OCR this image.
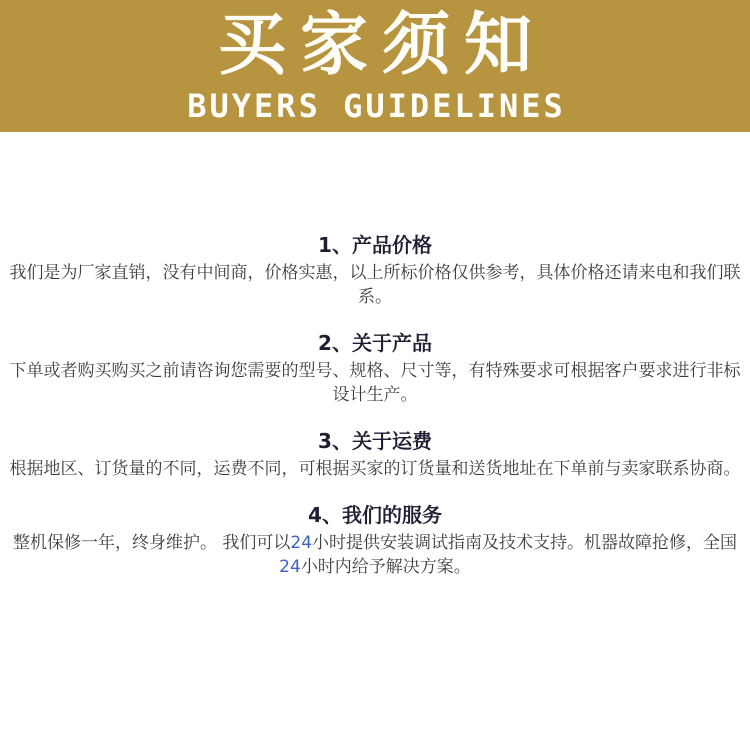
买家须知
BUYERS GUIDELINES
1、产品价格

我们是为厂家直销，没有中间商，价格实惠，以上所标价格仅供参考，具体价格还请来电和我们联系。

2、关于产品

下单或者购买购买之前请咨询您需要的型号、规格、尺寸等，有特殊要求可根据客户要求进行非标设计生产。

3、关于运费

根据地区、订货量的不同，运费不同，可根据买家的订货量和送货地址在下单前与卖家联系协商。

4、我们的服务

整机保修一年，终身维护。 我们可以24小时提供安装调试指南及技术支持。机器故障抢修，全国24小时内给予解决方案。
